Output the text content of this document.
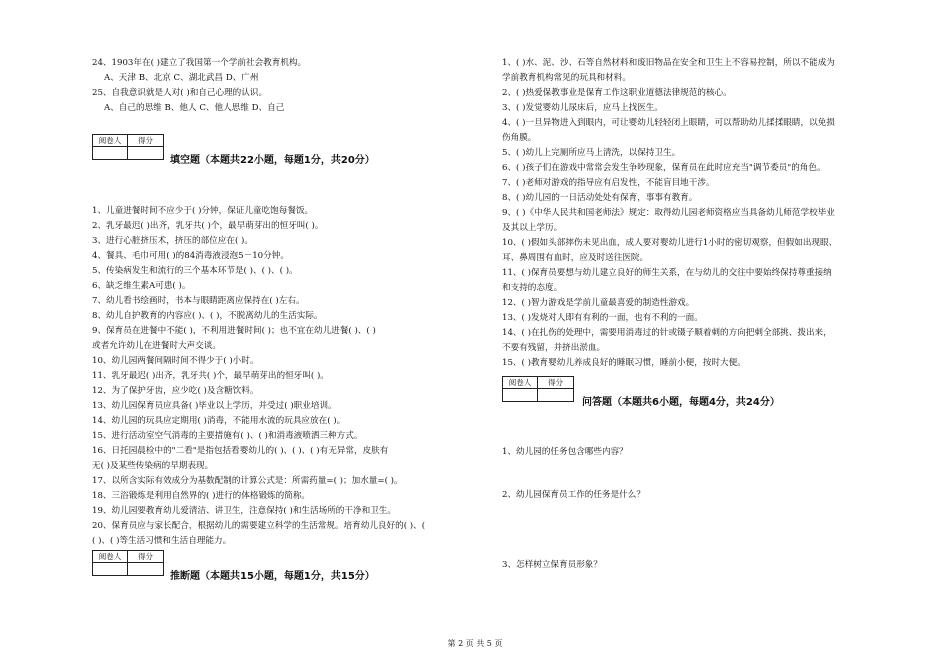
24、1903年在( )建立了我国第一个学前社会教育机构。
A、天津 B、北京 C、湖北武昌 D、广州
25、自我意识就是人对( )和自己心理的认识。
A、自己的思维 B、他人 C、他人思维 D、自己
阅卷人	得分
填空题（本题共22小题，每题1分，共20分）
1、儿童进餐时间不应少于( )分钟，保证儿童吃饱每餐饭。
2、乳牙最迟( )出齐，乳牙共( )个，最早萌芽出的恒牙叫( )。
3、进行心脏挤压术，挤压的部位应在( )。
4、餐具、毛巾可用( )的84消毒液浸泡5－10分钟。
5、传染病发生和流行的三个基本环节是( )、( )、( )。
6、缺乏维生素A可患( )。
7、幼儿看书绘画时，书本与眼睛距离应保持在( )左右。
8、幼儿自护教育的内容应( )、( )，不脱离幼儿的生活实际。
9、保育员在进餐中不能( )，不利用进餐时间( )；也不宜在幼儿进餐( )、( )
或者允许幼儿在进餐时大声交谈。
10、幼儿园两餐间隔时间不得少于( )小时。
11、乳牙最迟( )出齐，乳牙共( )个，最早萌芽出的恒牙叫( )。
12、为了保护牙齿，应少吃( )及含糖饮料。
13、幼儿园保育员应具备( )毕业以上学历，并受过( )职业培训。
14、幼儿园的玩具应定期用( )消毒，不能用水流的玩具应放在( )。
15、进行活动室空气消毒的主要措施有( )、( )和消毒液喷洒三种方式。
16、日托园晨检中的"二看"是指包括看婴幼儿的( )、( )、( )有无异常，皮肤有
无( )及某些传染病的早期表现。
17、以所含实际有效成分为基数配制的计算公式是：所需药量=( )；加水量=( )。
18、三浴锻炼是利用自然界的( )进行的体格锻炼的简称。
19、幼儿园要教育幼儿爱清洁、讲卫生，注意保持( )和生活场所的干净和卫生。
20、保育员应与家长配合，根据幼儿的需要建立科学的生活常规。培育幼儿良好的( )、(
( )、( )等生活习惯和生活自理能力。
阅卷人	得分
推断题（本题共15小题，每题1分，共15分）
1、( )水、泥、沙、石等自然材料和废旧物品在安全和卫生上不容易控制，所以不能成为
学前教育机构常见的玩具和材料。
2、( )热爱保教事业是保育工作这职业道德法律规范的核心。
3、( )发觉婴幼儿尿床后，应马上找医生。
4、( )一旦异物进入到眼内，可让婴幼儿轻轻闭上眼睛，可以帮助幼儿揉揉眼睛，以免损
伤角膜。
5、( )幼儿上完厕所应马上清洗，以保持卫生。
6、( )孩子们在游戏中常常会发生争吵现象，保育员在此时应充当"调节委员"的角色。
7、( )老师对游戏的指导应有启发性，不能盲目地干涉。
8、( )幼儿园的一日活动处处有保育，事事有教育。
9、( )《中华人民共和国老师法》规定：取得幼儿园老师资格应当具备幼儿师范学校毕业
及其以上学历。
10、( )假如头部摔伤未见出血，成人要对婴幼儿进行1小时的密切观察，但假如出现眼、
耳、鼻周围有血时，应及时送往医院。
11、( )保育员要想与幼儿建立良好的师生关系，在与幼儿的交往中要始终保持尊重接纳
和支持的态度。
12、( )智力游戏是学前儿童最喜爱的制造性游戏。
13、( )发烧对人即有有利的一面，也有不利的一面。
14、( )在扎伤的处理中，需要用消毒过的针或镊子顺着刺的方向把刺全部挑、拨出来，
不要有残留，并挤出淤血。
15、( )教育婴幼儿养成良好的睡眠习惯，睡前小便，按时大便。
阅卷人	得分
问答题（本题共6小题，每题4分，共24分）
1、幼儿园的任务包含哪些内容？
2、幼儿园保育员工作的任务是什么？
3、怎样树立保育员形象？
第 2 页 共 5 页
